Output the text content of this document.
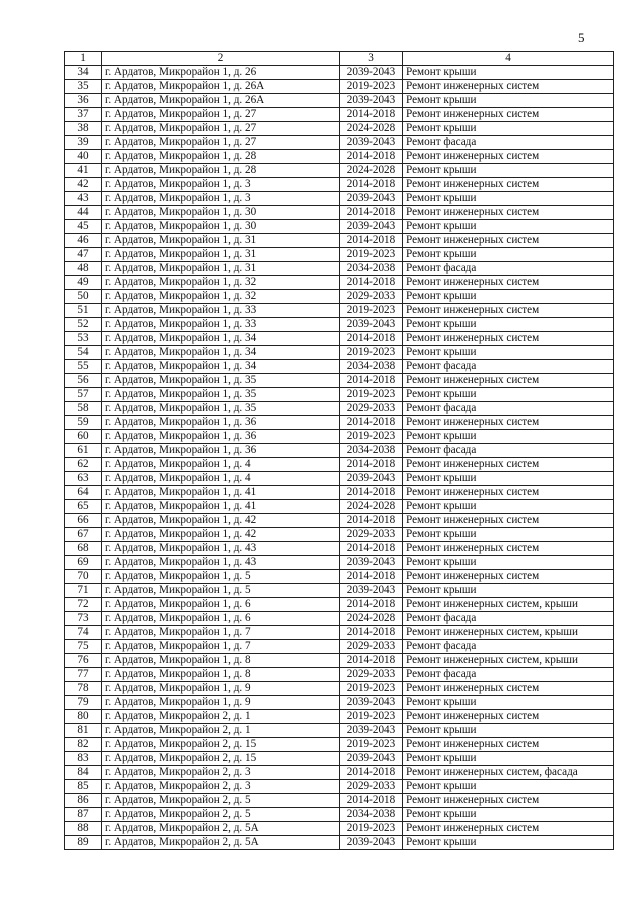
5
1	2	3	4
34	г. Ардатов, Микрорайон 1, д. 26	2039-2043	Ремонт крыши
35	г. Ардатов, Микрорайон 1, д. 26А	2019-2023	Ремонт инженерных систем
36	г. Ардатов, Микрорайон 1, д. 26А	2039-2043	Ремонт крыши
37	г. Ардатов, Микрорайон 1, д. 27	2014-2018	Ремонт инженерных систем
38	г. Ардатов, Микрорайон 1, д. 27	2024-2028	Ремонт крыши
39	г. Ардатов, Микрорайон 1, д. 27	2039-2043	Ремонт фасада
40	г. Ардатов, Микрорайон 1, д. 28	2014-2018	Ремонт инженерных систем
41	г. Ардатов, Микрорайон 1, д. 28	2024-2028	Ремонт крыши
42	г. Ардатов, Микрорайон 1, д. 3	2014-2018	Ремонт инженерных систем
43	г. Ардатов, Микрорайон 1, д. 3	2039-2043	Ремонт крыши
44	г. Ардатов, Микрорайон 1, д. 30	2014-2018	Ремонт инженерных систем
45	г. Ардатов, Микрорайон 1, д. 30	2039-2043	Ремонт крыши
46	г. Ардатов, Микрорайон 1, д. 31	2014-2018	Ремонт инженерных систем
47	г. Ардатов, Микрорайон 1, д. 31	2019-2023	Ремонт крыши
48	г. Ардатов, Микрорайон 1, д. 31	2034-2038	Ремонт фасада
49	г. Ардатов, Микрорайон 1, д. 32	2014-2018	Ремонт инженерных систем
50	г. Ардатов, Микрорайон 1, д. 32	2029-2033	Ремонт крыши
51	г. Ардатов, Микрорайон 1, д. 33	2019-2023	Ремонт инженерных систем
52	г. Ардатов, Микрорайон 1, д. 33	2039-2043	Ремонт крыши
53	г. Ардатов, Микрорайон 1, д. 34	2014-2018	Ремонт инженерных систем
54	г. Ардатов, Микрорайон 1, д. 34	2019-2023	Ремонт крыши
55	г. Ардатов, Микрорайон 1, д. 34	2034-2038	Ремонт фасада
56	г. Ардатов, Микрорайон 1, д. 35	2014-2018	Ремонт инженерных систем
57	г. Ардатов, Микрорайон 1, д. 35	2019-2023	Ремонт крыши
58	г. Ардатов, Микрорайон 1, д. 35	2029-2033	Ремонт фасада
59	г. Ардатов, Микрорайон 1, д. 36	2014-2018	Ремонт инженерных систем
60	г. Ардатов, Микрорайон 1, д. 36	2019-2023	Ремонт крыши
61	г. Ардатов, Микрорайон 1, д. 36	2034-2038	Ремонт фасада
62	г. Ардатов, Микрорайон 1, д. 4	2014-2018	Ремонт инженерных систем
63	г. Ардатов, Микрорайон 1, д. 4	2039-2043	Ремонт крыши
64	г. Ардатов, Микрорайон 1, д. 41	2014-2018	Ремонт инженерных систем
65	г. Ардатов, Микрорайон 1, д. 41	2024-2028	Ремонт крыши
66	г. Ардатов, Микрорайон 1, д. 42	2014-2018	Ремонт инженерных систем
67	г. Ардатов, Микрорайон 1, д. 42	2029-2033	Ремонт крыши
68	г. Ардатов, Микрорайон 1, д. 43	2014-2018	Ремонт инженерных систем
69	г. Ардатов, Микрорайон 1, д. 43	2039-2043	Ремонт крыши
70	г. Ардатов, Микрорайон 1, д. 5	2014-2018	Ремонт инженерных систем
71	г. Ардатов, Микрорайон 1, д. 5	2039-2043	Ремонт крыши
72	г. Ардатов, Микрорайон 1, д. 6	2014-2018	Ремонт инженерных систем, крыши
73	г. Ардатов, Микрорайон 1, д. 6	2024-2028	Ремонт фасада
74	г. Ардатов, Микрорайон 1, д. 7	2014-2018	Ремонт инженерных систем, крыши
75	г. Ардатов, Микрорайон 1, д. 7	2029-2033	Ремонт фасада
76	г. Ардатов, Микрорайон 1, д. 8	2014-2018	Ремонт инженерных систем, крыши
77	г. Ардатов, Микрорайон 1, д. 8	2029-2033	Ремонт фасада
78	г. Ардатов, Микрорайон 1, д. 9	2019-2023	Ремонт инженерных систем
79	г. Ардатов, Микрорайон 1, д. 9	2039-2043	Ремонт крыши
80	г. Ардатов, Микрорайон 2, д. 1	2019-2023	Ремонт инженерных систем
81	г. Ардатов, Микрорайон 2, д. 1	2039-2043	Ремонт крыши
82	г. Ардатов, Микрорайон 2, д. 15	2019-2023	Ремонт инженерных систем
83	г. Ардатов, Микрорайон 2, д. 15	2039-2043	Ремонт крыши
84	г. Ардатов, Микрорайон 2, д. 3	2014-2018	Ремонт инженерных систем, фасада
85	г. Ардатов, Микрорайон 2, д. 3	2029-2033	Ремонт крыши
86	г. Ардатов, Микрорайон 2, д. 5	2014-2018	Ремонт инженерных систем
87	г. Ардатов, Микрорайон 2, д. 5	2034-2038	Ремонт крыши
88	г. Ардатов, Микрорайон 2, д. 5А	2019-2023	Ремонт инженерных систем
89	г. Ардатов, Микрорайон 2, д. 5А	2039-2043	Ремонт крыши
